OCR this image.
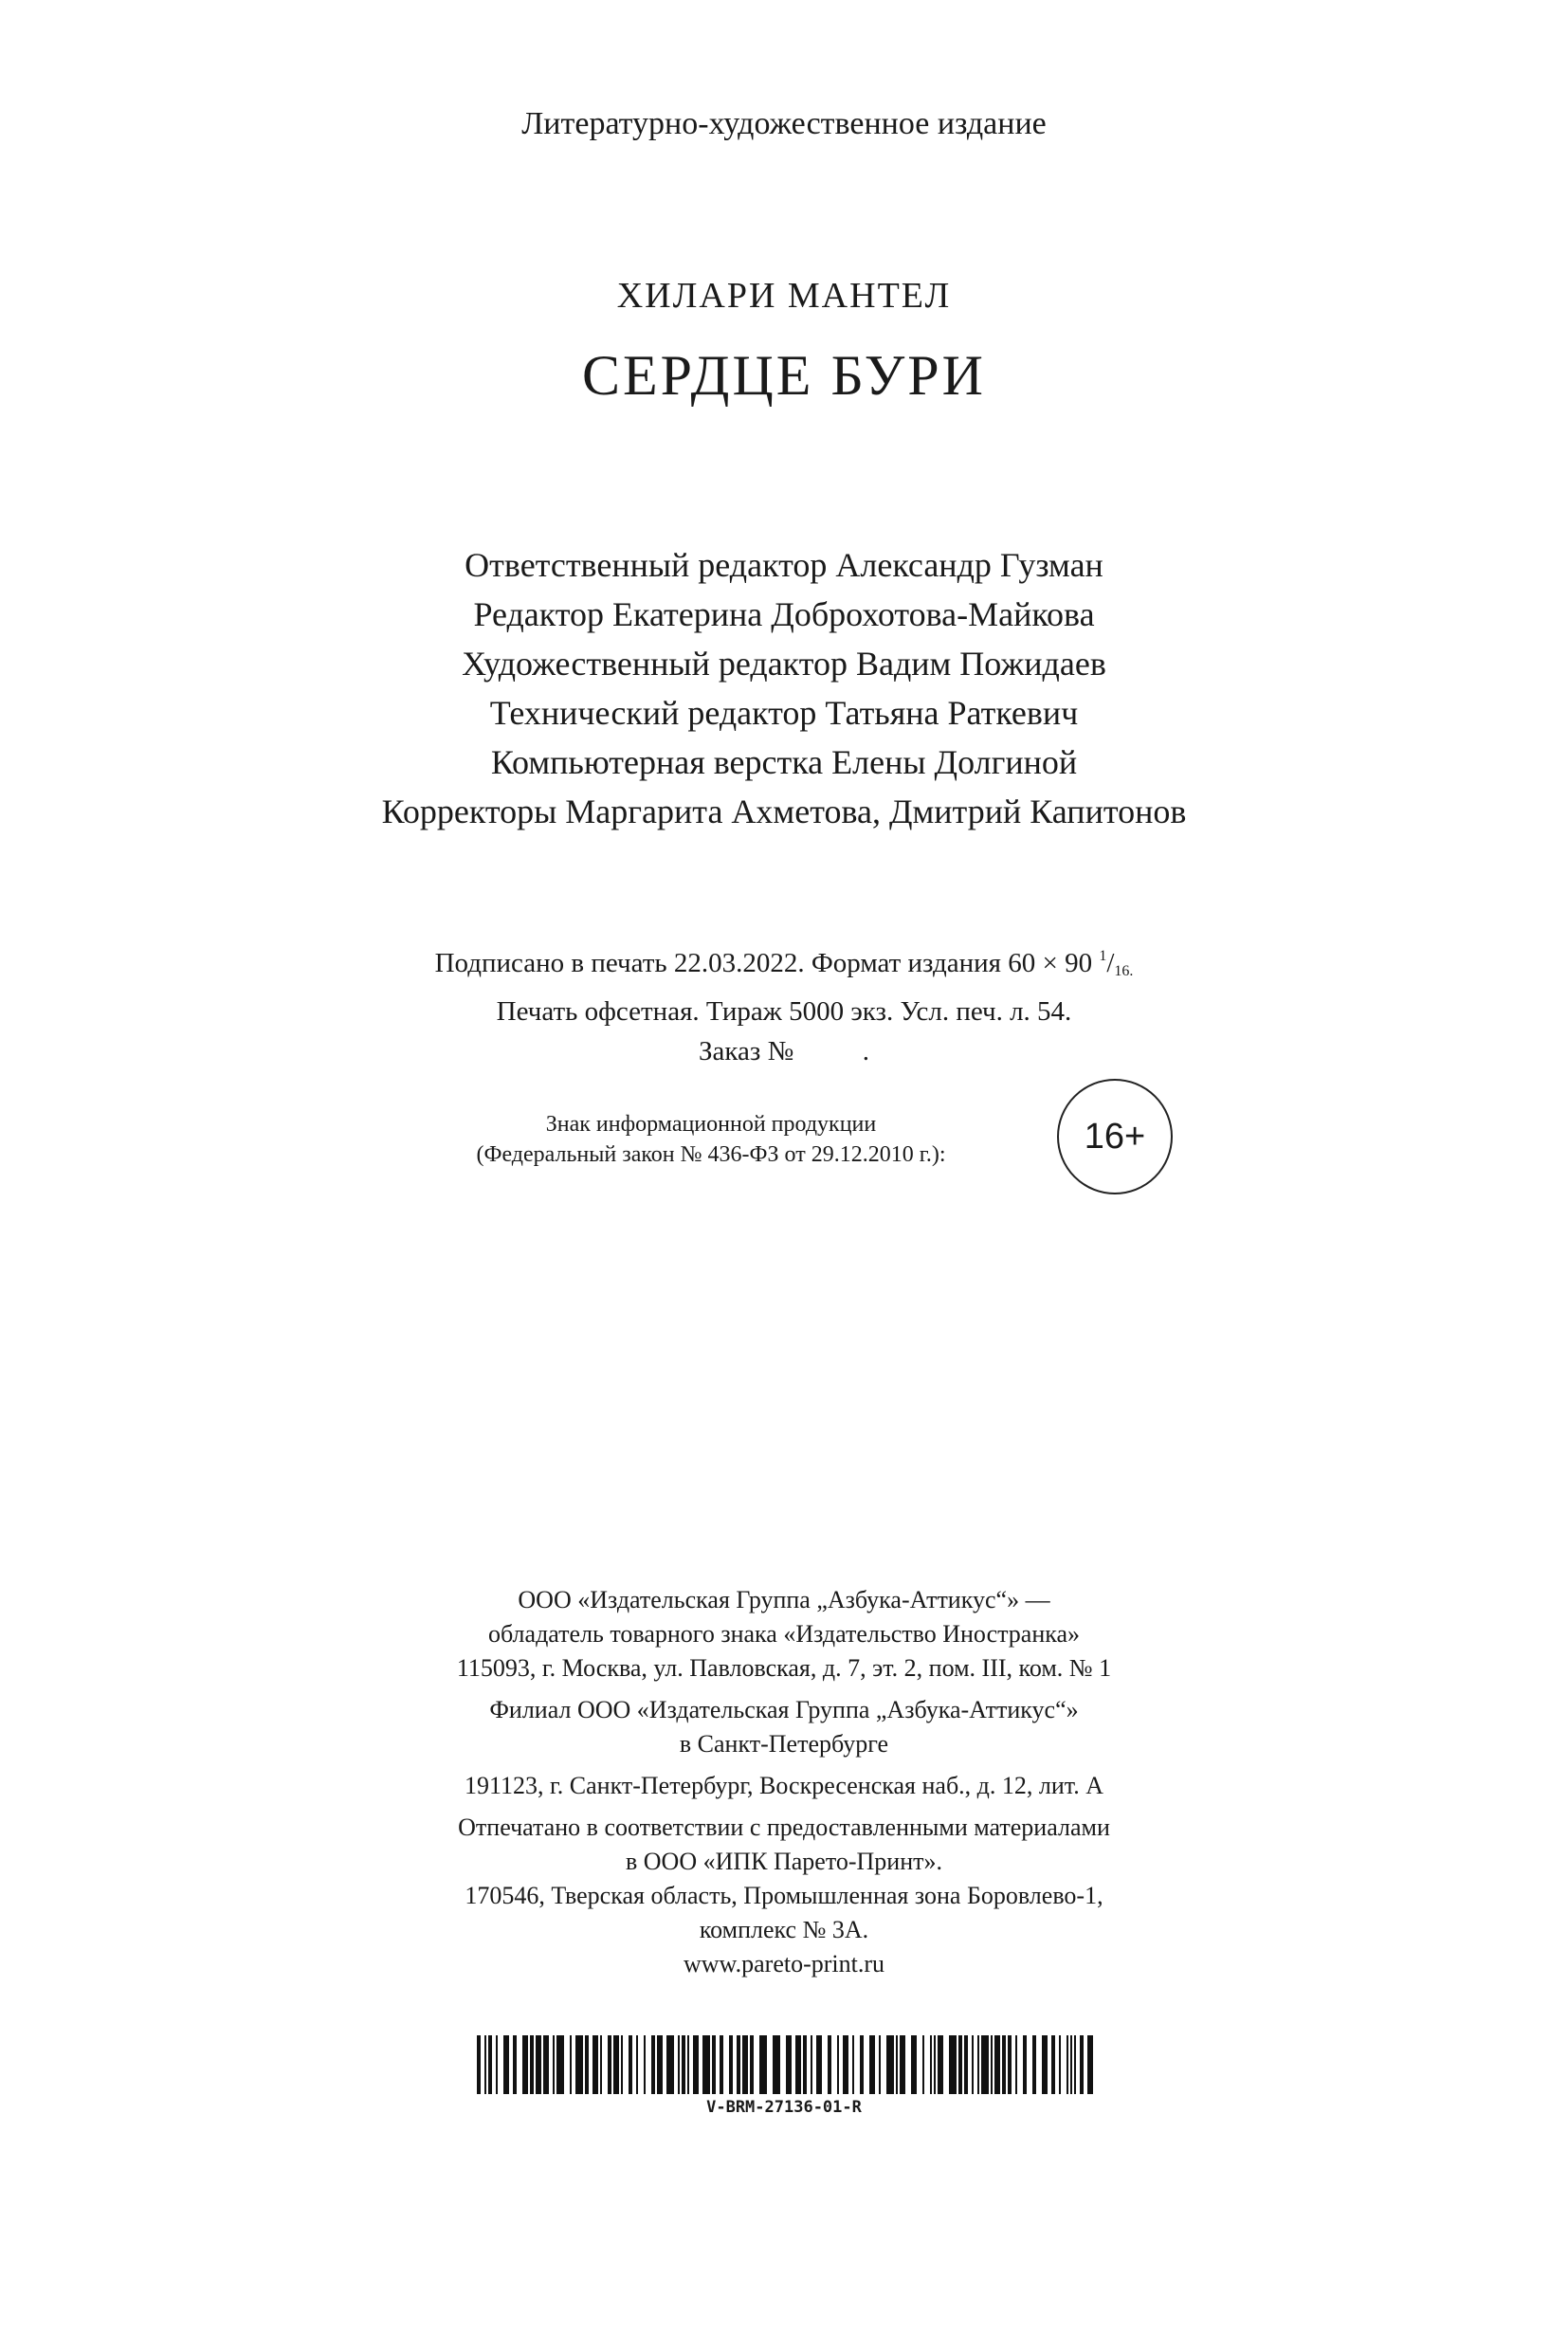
Литературно-художественное издание
ХИЛАРИ МАНТЕЛ
СЕРДЦЕ БУРИ
Ответственный редактор Александр Гузман
Редактор Екатерина Доброхотова-Майкова
Художественный редактор Вадим Пожидаев
Технический редактор Татьяна Раткевич
Компьютерная верстка Елены Долгиной
Корректоры Маргарита Ахметова, Дмитрий Капитонов
Подписано в печать 22.03.2022. Формат издания 60 × 90 $^1$/16.
Печать офсетная. Тираж 5000 экз. Усл. печ. л. 54.
Заказ №          .
Знак информационной продукции
(Федеральный закон № 436-ФЗ от 29.12.2010 г.):	16+
ООО «Издательская Группа „Азбука-Аттикус“» —
обладатель товарного знака «Издательство Иностранка»
115093, г. Москва, ул. Павловская, д. 7, эт. 2, пом. III, ком. № 1
Филиал ООО «Издательская Группа „Азбука-Аттикус“»
в Санкт-Петербурге
191123, г. Санкт-Петербург, Воскресенская наб., д. 12, лит. А
Отпечатано в соответствии с предоставленными материалами
в ООО «ИПК Парето-Принт».
170546, Тверская область, Промышленная зона Боровлево-1,
комплекс № 3А.
www.pareto-print.ru
V-BRM-27136-01-R
